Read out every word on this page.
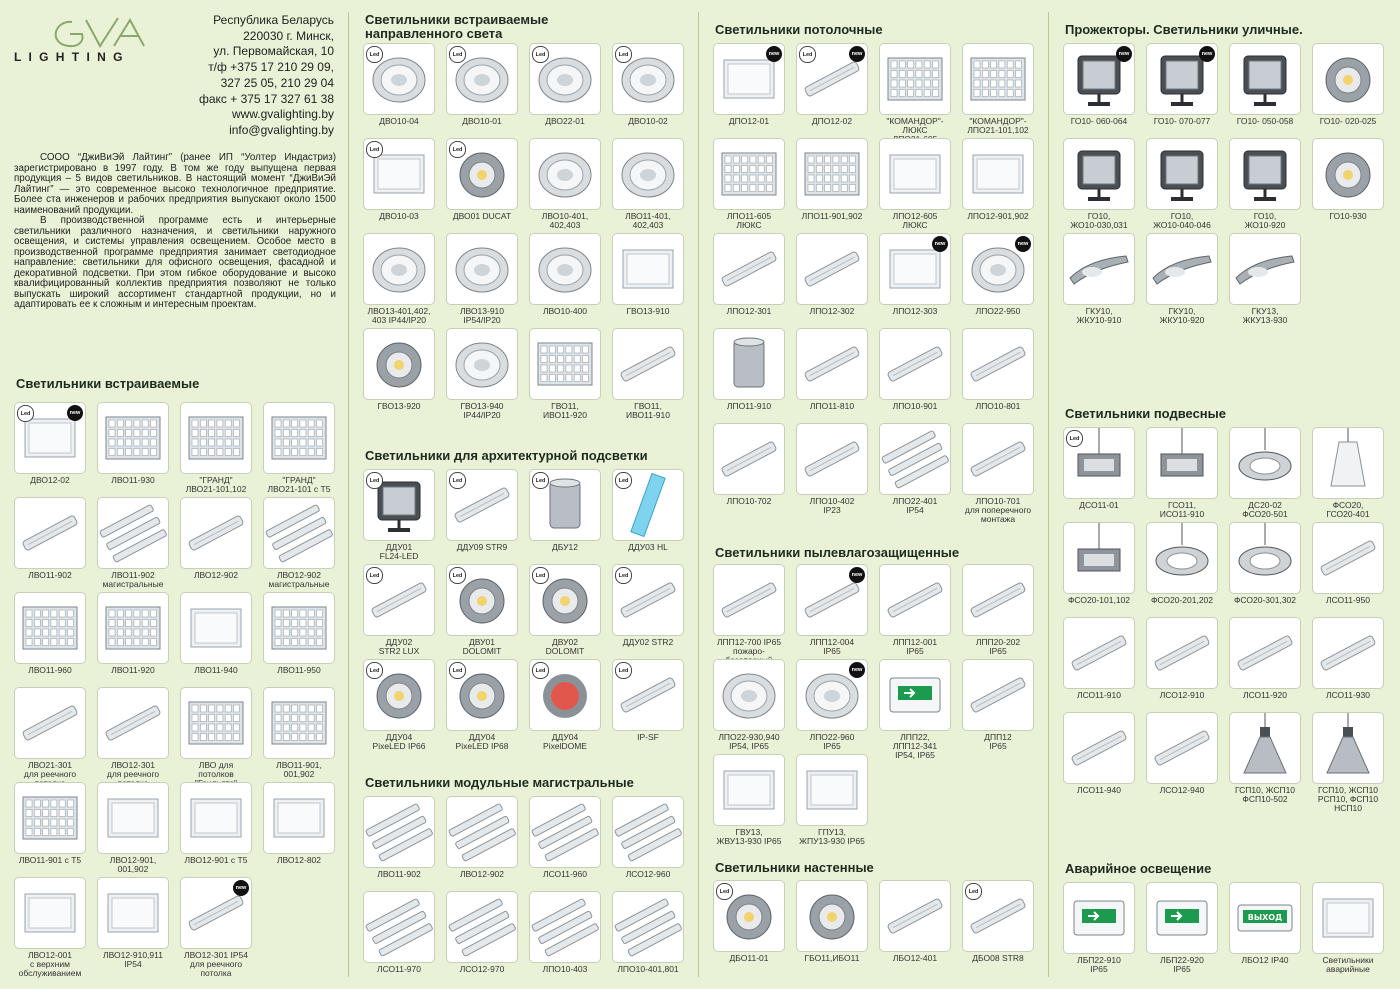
L I G H T I N G
Республика Беларусь
220030 г. Минск,
ул. Первомайская, 10
т/ф +375 17 210 29 09,
327 25 05, 210 29 04
факс + 375 17 327 61 38
www.gvalighting.by
info@gvalighting.by

СООО “ДжиВиЭй Лайтинг” (ранее ИП “Уолтер Индастриз) зарегистрировано в 1997 году. В том же году выпущена первая продукция – 5 видов светильников. В настоящий момент “ДжиВиЭй Лайтинг” — это современное высоко технологичное предприятие. Более ста инженеров и рабочих предприятия выпускают около 1500 наименований продукции.

В производственной программе есть и интерьерные светильники различного назначения, и светильники наружного освещения, и системы управления освещением. Особое место в производственной программе предприятия занимает светодиодное направление: светильники для офисного освещения, фасадной и декоративной подсветки. При этом гибкое оборудование и высоко квалифицированный коллектив предприятия позволяют не только выпускать широкий ассортимент стандартной продукции, но и адаптировать ее к сложным и интересным проектам.

Светильники встраиваемые
Led	new
ДВО12-02	ЛВО11-930	"ГРАНД"
ЛВО21-101,102
"ГРАНД"
ЛВО21-101 с Т5
ЛВО11-902	ЛВО11-902
магистральные
ЛВО12-902	ЛВО12-902
магистральные
ЛВО11-960	ЛВО11-920	ЛВО11-940	ЛВО11-950
ЛВО21-301
для реечного

ЛВО12-301
для реечного

ЛВО для потолков

ЛВО11-901,
001,902
ЛВО11-901 с Т5	ЛВО12-901,
001,902
ЛВО12-901 с Т5	ЛВО12-802
ЛВО12-001
с верхним
обслуживанием
ЛВО12-910,911
IP54
new
ЛВО12-301 IP54
для реечного
потолка
Светильники встраиваемые
направленного света
Led
ДВО10-04
Led
ДВО10-01
Led
ДВО22-01
Led
ДВО10-02
Led
ДВО10-03
Led
ДВО01 DUCAT	ЛВО10-401,
402,403
ЛВО11-401,
402,403
ЛВО13-401,402,
403 IP44/IP20
ЛВО13-910
IP54/IP20
ЛВО10-400	ГВО13-910
ГВО13-920	ГВО13-940
IP44/IP20
ГВО11,
ИВО11-920
ГВО11,
ИВО11-910
Светильники для архитектурной подсветки
Led
ДДУ01
FL24-LED
Led
ДДУ09 STR9
Led
ДБУ12
Led
ДДУ03 HL
Led
ДДУ02
STR2 LUX
Led
ДВУ01
DOLOMIT
Led
ДВУ02
DOLOMIT
Led
ДДУ02 STR2
Led
ДДУ04
PixeLED IP66
Led
ДДУ04
PixeLED IP68
Led
ДДУ04
PixelDOME
Led
IP-SF
Светильники модульные магистральные
ЛВО11-902	ЛВО12-902	ЛСО11-960	ЛСО12-960
ЛСО11-970	ЛСО12-970	ЛПО10-403	ЛПО10-401,801
Светильники потолочные
new
ДПО12-01
Led	new
ДПО12-02	"КОМАНДОР"-
ЛЮКС

"КОМАНДОР"-
ЛПО21-101,102
ЛПО11-605
ЛЮКС
ЛПО11-901,902	ЛПО12-605
ЛЮКС
ЛПО12-901,902
ЛПО12-301	ЛПО12-302
new
ЛПО12-303
new
ЛПО22-950
ЛПО11-910	ЛПО11-810	ЛПО10-901	ЛПО10-801
ЛПО10-702	ЛПО10-402
IP23
ЛПО22-401
IP54
ЛПО10-701
для поперечного
монтажа
Светильники пылевлагозащищенные
ЛПП12-700 IP65
пожаро-

new
ЛПП12-004
IP65
ЛПП12-001
IP65
ЛПП20-202
IP65
ЛПО22-930,940
IP54, IP65
new
ЛПО22-960
IP65
ЛПП22,
ЛПП12-341
IP54, IP65
ДПП12
IP65
ГВУ13,
ЖВУ13-930 IP65
ГПУ13,
ЖПУ13-930 IP65
Светильники настенные
Led
ДБО11-01	ГБО11,ИБО11	ЛБО12-401
Led
ДБО08 STR8
Прожекторы. Светильники уличные.
new
ГО10- 060-064
new
ГО10- 070-077	ГО10- 050-058	ГО10- 020-025
ГО10,
ЖО10-030,031
ГО10,
ЖО10-040-046
ГО10,
ЖО10-920
ГО10-930
ГКУ10,
ЖКУ10-910
ГКУ10,
ЖКУ10-920
ГКУ13,
ЖКУ13-930
Светильники подвесные
Led
ДСО11-01	ГСО11,
ИСО11-910
ДС20-02
ФСО20-501
ФСО20,
ГСО20-401
ФСО20-101,102	ФСО20-201,202	ФСО20-301,302	ЛСО11-950
ЛСО11-910	ЛСО12-910	ЛСО11-920	ЛСО11-930
ЛСО11-940	ЛСО12-940	ГСП10, ЖСП10
ФСП10-502
ГСП10, ЖСП10
РСП10, ФСП10
НСП10
Аварийное освещение
ЛБП22-910
IP65
ЛБП22-920
IP65
ВЫХОД
ЛБО12 IP40	Светильники
аварийные
